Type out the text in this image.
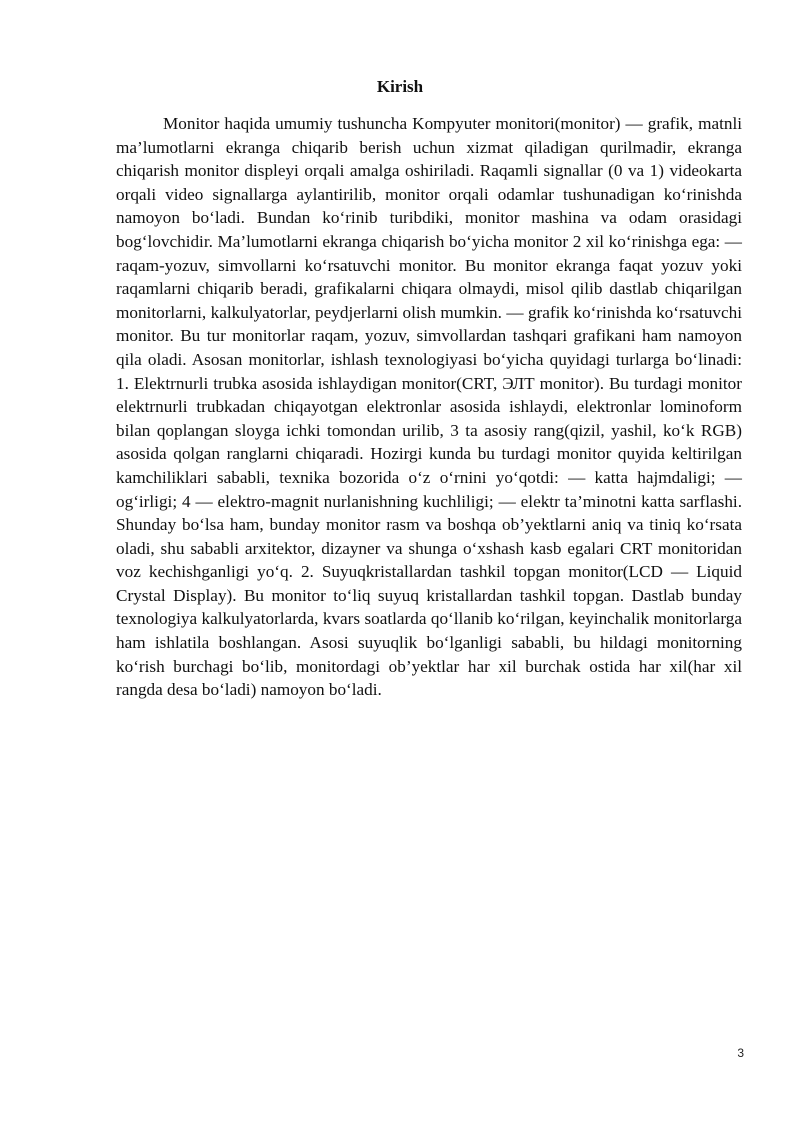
Kirish

Monitor haqida umumiy tushuncha Kompyuter monitori(monitor) — grafik, matnli ma’lumotlarni ekranga chiqarib berish uchun xizmat qiladigan qurilmadir, ekranga chiqarish monitor displeyi orqali amalga oshiriladi. Raqamli signallar (0 va 1) videokarta orqali video signallarga aylantirilib, monitor orqali odamlar tushunadigan ko‘rinishda namoyon bo‘ladi. Bundan ko‘rinib turibdiki, monitor mashina va odam orasidagi bog‘lovchidir. Ma’lumotlarni ekranga chiqarish bo‘yicha monitor 2 xil ko‘rinishga ega: — raqam-yozuv, simvollarni ko‘rsatuvchi monitor. Bu monitor ekranga faqat yozuv yoki raqamlarni chiqarib beradi, grafikalarni chiqara olmaydi, misol qilib dastlab chiqarilgan monitorlarni, kalkulyatorlar, peydjerlarni olish mumkin. — grafik ko‘rinishda ko‘rsatuvchi monitor. Bu tur monitorlar raqam, yozuv, simvollardan tashqari grafikani ham namoyon qila oladi. Asosan monitorlar, ishlash texnologiyasi bo‘yicha quyidagi turlarga bo‘linadi: 1. Elektrnurli trubka asosida ishlaydigan monitor(CRT, ЭЛТ monitor). Bu turdagi monitor elektrnurli trubkadan chiqayotgan elektronlar asosida ishlaydi, elektronlar lominoform bilan qoplangan sloyga ichki tomondan urilib, 3 ta asosiy rang(qizil, yashil, ko‘k RGB) asosida qolgan ranglarni chiqaradi. Hozirgi kunda bu turdagi monitor quyida keltirilgan kamchiliklari sababli, texnika bozorida o‘z o‘rnini yo‘qotdi: — katta hajmdaligi; — og‘irligi; 4 — elektro-magnit nurlanishning kuchliligi; — elektr ta’minotni katta sarflashi. Shunday bo‘lsa ham, bunday monitor rasm va boshqa ob’yektlarni aniq va tiniq ko‘rsata oladi, shu sababli arxitektor, dizayner va shunga o‘xshash kasb egalari CRT monitoridan voz kechishganligi yo‘q. 2. Suyuqkristallardan tashkil topgan monitor(LCD — Liquid Crystal Display). Bu monitor to‘liq suyuq kristallardan tashkil topgan. Dastlab bunday texnologiya kalkulyatorlarda, kvars soatlarda qo‘llanib ko‘rilgan, keyinchalik monitorlarga ham ishlatila boshlangan. Asosi suyuqlik bo‘lganligi sababli, bu hildagi monitorning ko‘rish burchagi bo‘lib, monitordagi ob’yektlar har xil burchak ostida har xil(har xil rangda desa bo‘ladi) namoyon bo‘ladi.

3
